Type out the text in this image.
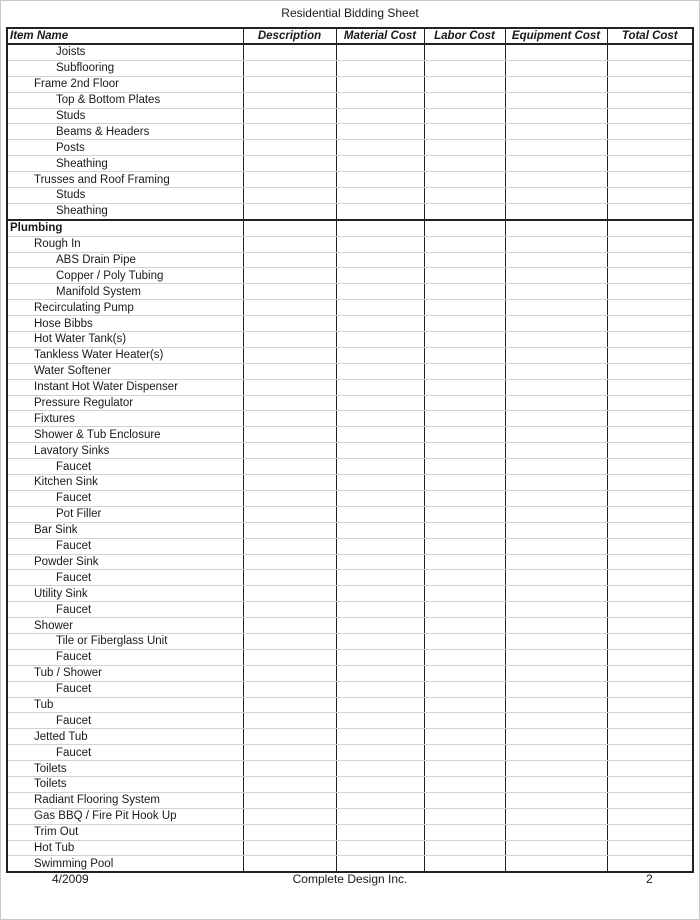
Residential Bidding Sheet
Item Name	Description	Material Cost	Labor Cost	Equipment Cost	Total Cost
Joists					
Subflooring					
Frame 2nd Floor					
Top & Bottom Plates					
Studs					
Beams & Headers					
Posts					
Sheathing					
Trusses and Roof Framing					
Studs					
Sheathing					
Plumbing					
Rough In					
ABS Drain Pipe					
Copper / Poly Tubing					
Manifold System					
Recirculating Pump					
Hose Bibbs					
Hot Water Tank(s)					
Tankless Water Heater(s)					
Water Softener					
Instant Hot Water Dispenser					
Pressure Regulator					
Fixtures					
Shower & Tub Enclosure					
Lavatory Sinks					
Faucet					
Kitchen Sink					
Faucet					
Pot Filler					
Bar Sink					
Faucet					
Powder Sink					
Faucet					
Utility Sink					
Faucet					
Shower					
Tile or Fiberglass Unit					
Faucet					
Tub / Shower					
Faucet					
Tub					
Faucet					
Jetted Tub					
Faucet					
Toilets					
Toilets					
Radiant Flooring System					
Gas BBQ / Fire Pit Hook Up					
Trim Out					
Hot Tub					
Swimming Pool					
4/2009	Complete Design Inc.	2
